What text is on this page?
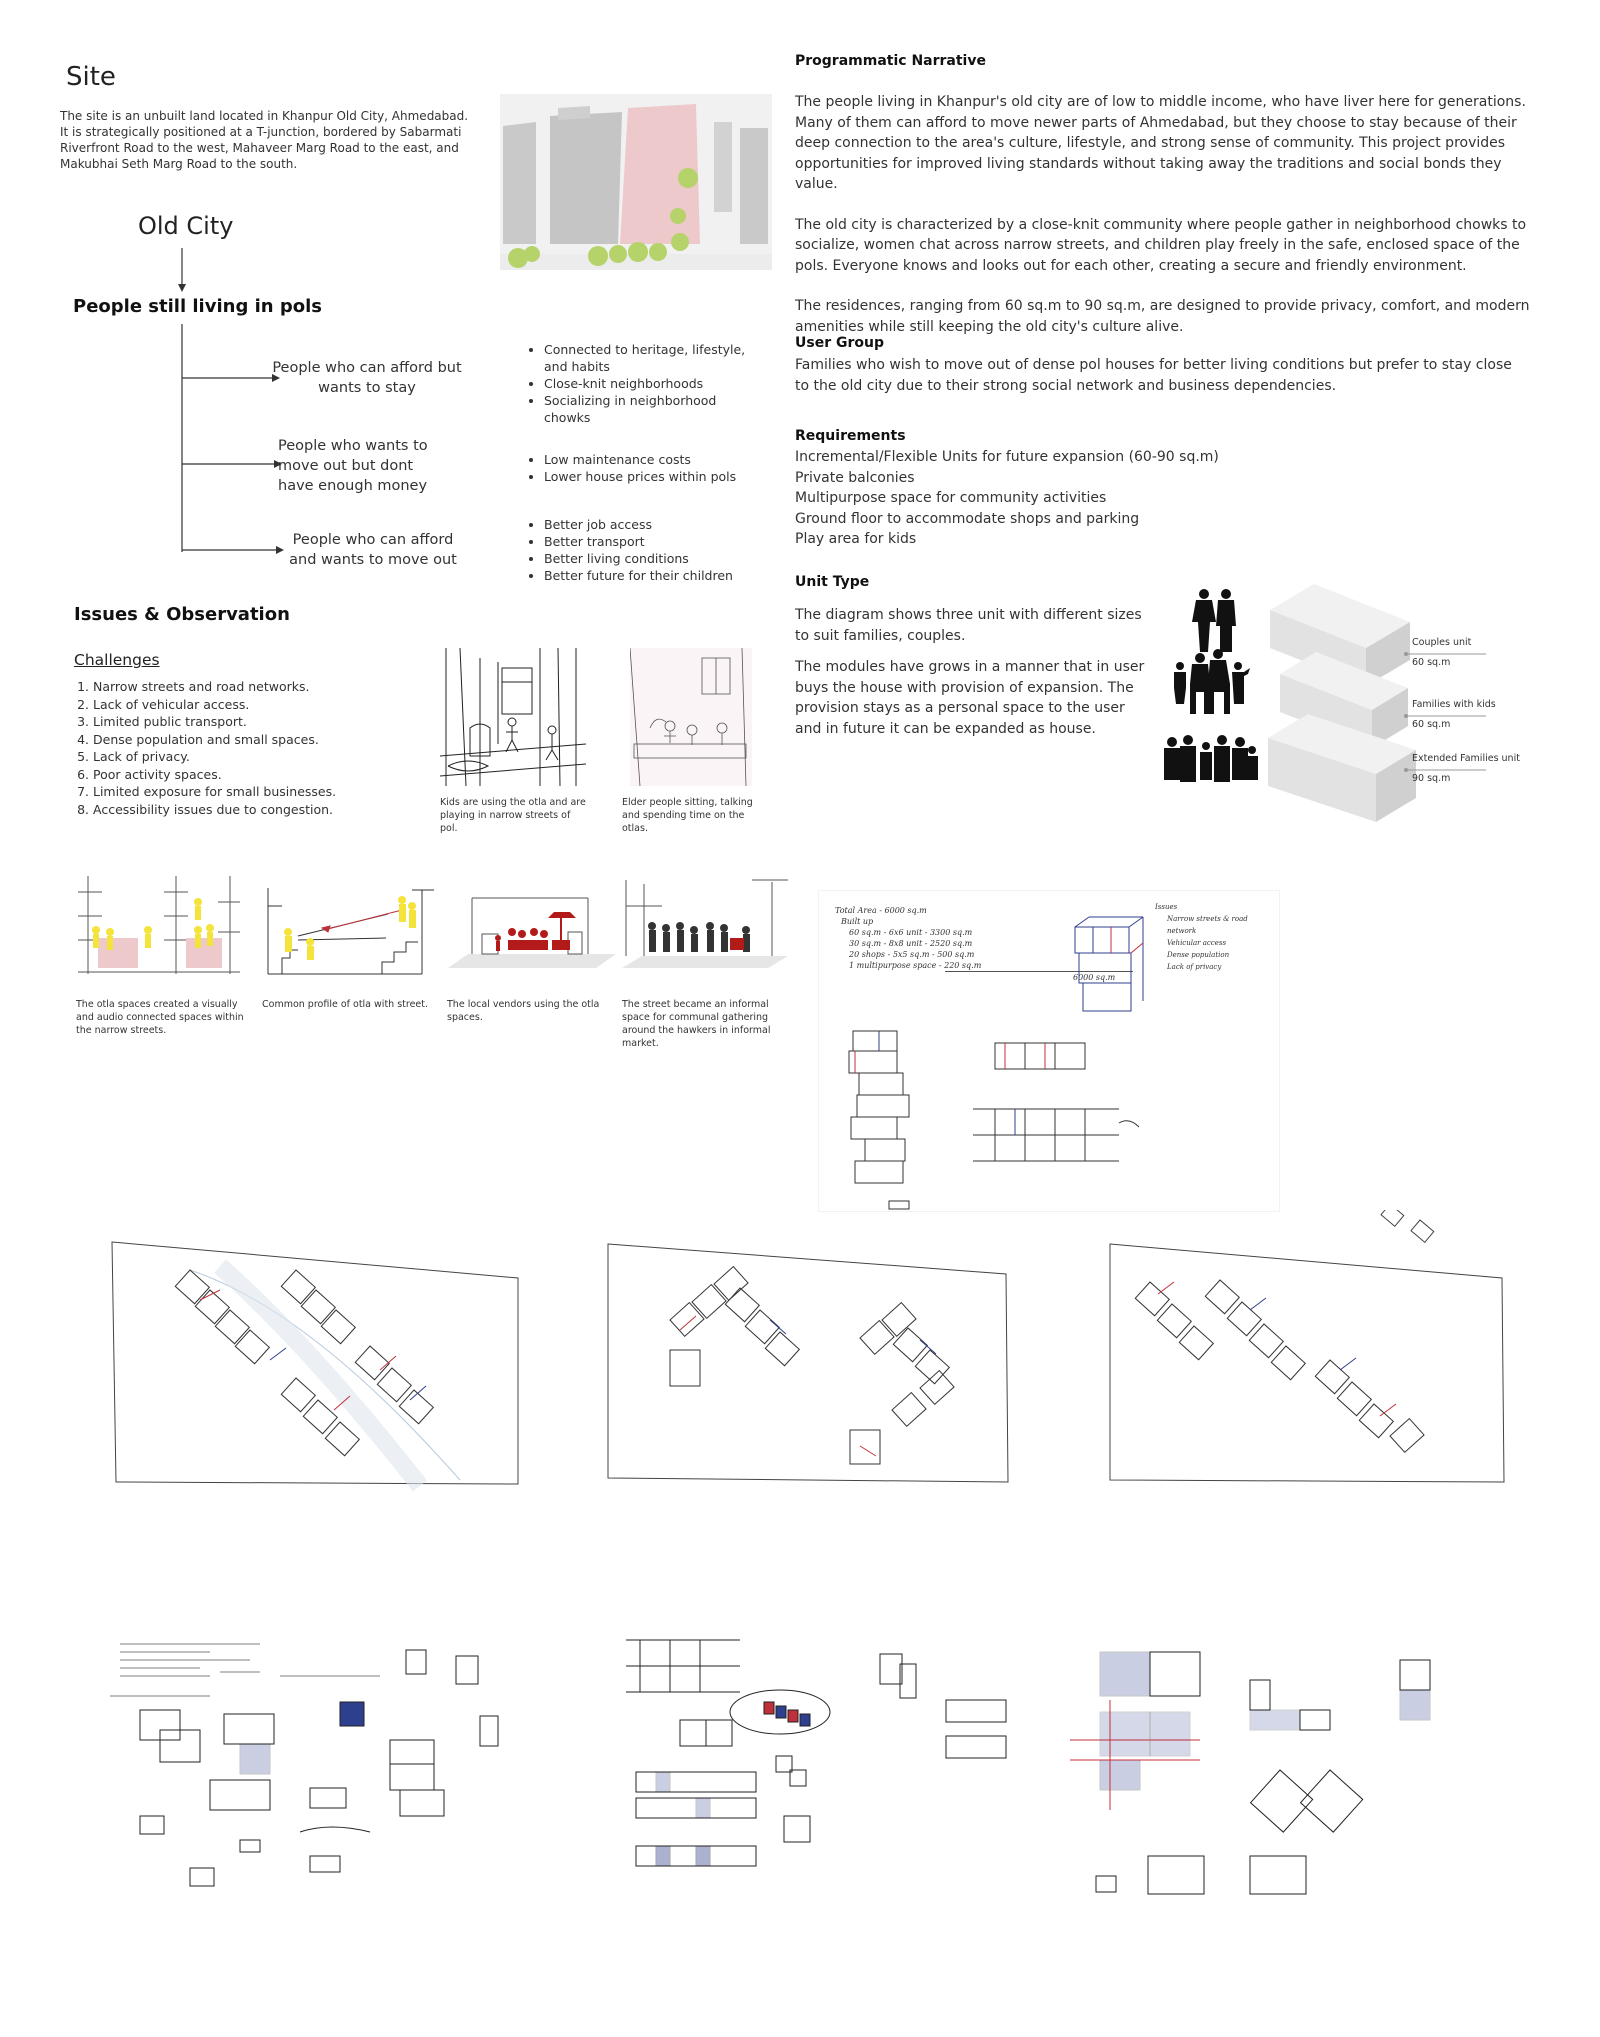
Site
The site is an unbuilt land located in Khanpur Old City, Ahmedabad. It is strategically positioned at a T-junction, bordered by Sabarmati Riverfront Road to the west, Mahaveer Marg Road to the east, and Makubhai Seth Marg Road to the south.
Old City
People still living in pols
People who can afford but wants to stay
People who wants to move out but dont have enough money
People who can afford and wants to move out
• Connected to heritage, lifestyle, and habits
• Close-knit neighborhoods
• Socializing in neighborhood chowks
• Low maintenance costs
• Lower house prices within pols
• Better job access
• Better transport
• Better living conditions
• Better future for their children
Issues & Observation
Challenges
1. Narrow streets and road networks.
2. Lack of vehicular access.
3. Limited public transport.
4. Dense population and small spaces.
5. Lack of privacy.
6. Poor activity spaces.
7. Limited exposure for small businesses.
8. Accessibility issues due to congestion.	Kids are using the otla and are playing in narrow streets of pol.
Elder people sitting, talking and spending time on the otlas.
The otla spaces created a visually and audio connected spaces within the narrow streets.
Common profile of otla with street.	The local vendors using the otla spaces.
The street became an informal space for communal gathering around the hawkers in informal market.
Programmatic Narrative

The people living in Khanpur's old city are of low to middle income, who have liver here for generations. Many of them can afford to move newer parts of Ahmedabad, but they choose to stay because of their deep connection to the area's culture, lifestyle, and strong sense of community. This project provides opportunities for improved living standards without taking away the traditions and social bonds they value.

The old city is characterized by a close-knit community where people gather in neighborhood chowks to socialize, women chat across narrow streets, and children play freely in the safe, enclosed space of the pols. Everyone knows and looks out for each other, creating a secure and friendly environment.

The residences, ranging from 60 sq.m to 90 sq.m, are designed to provide privacy, comfort, and modern amenities while still keeping the old city's culture alive.

User Group
Families who wish to move out of dense pol houses for better living conditions but prefer to stay close to the old city due to their strong social network and business dependencies.
Requirements
Incremental/Flexible Units for future expansion (60-90 sq.m)
Private balconies
Multipurpose space for community activities
Ground floor to accommodate shops and parking
Play area for kids
Unit Type
The diagram shows three unit with different sizes to suit families, couples.
The modules have grows in a manner that in user buys the house with provision of expansion. The provision stays as a personal space to the user and in future it can be expanded as house.
Couples unit
60 sq.m
Families with kids
60 sq.m
Extended Families unit
90 sq.m
Total Area - 6000 sq.m
Built up
60 sq.m - 6x6 unit - 3300 sq.m
30 sq.m - 8x8 unit - 2520 sq.m
20 shops - 5x5 sq.m - 500 sq.m
1 multipurpose space - 220 sq.m
6000 sq.m
Issues
Narrow streets & road network
Vehicular access
Dense population
Lack of privacy
